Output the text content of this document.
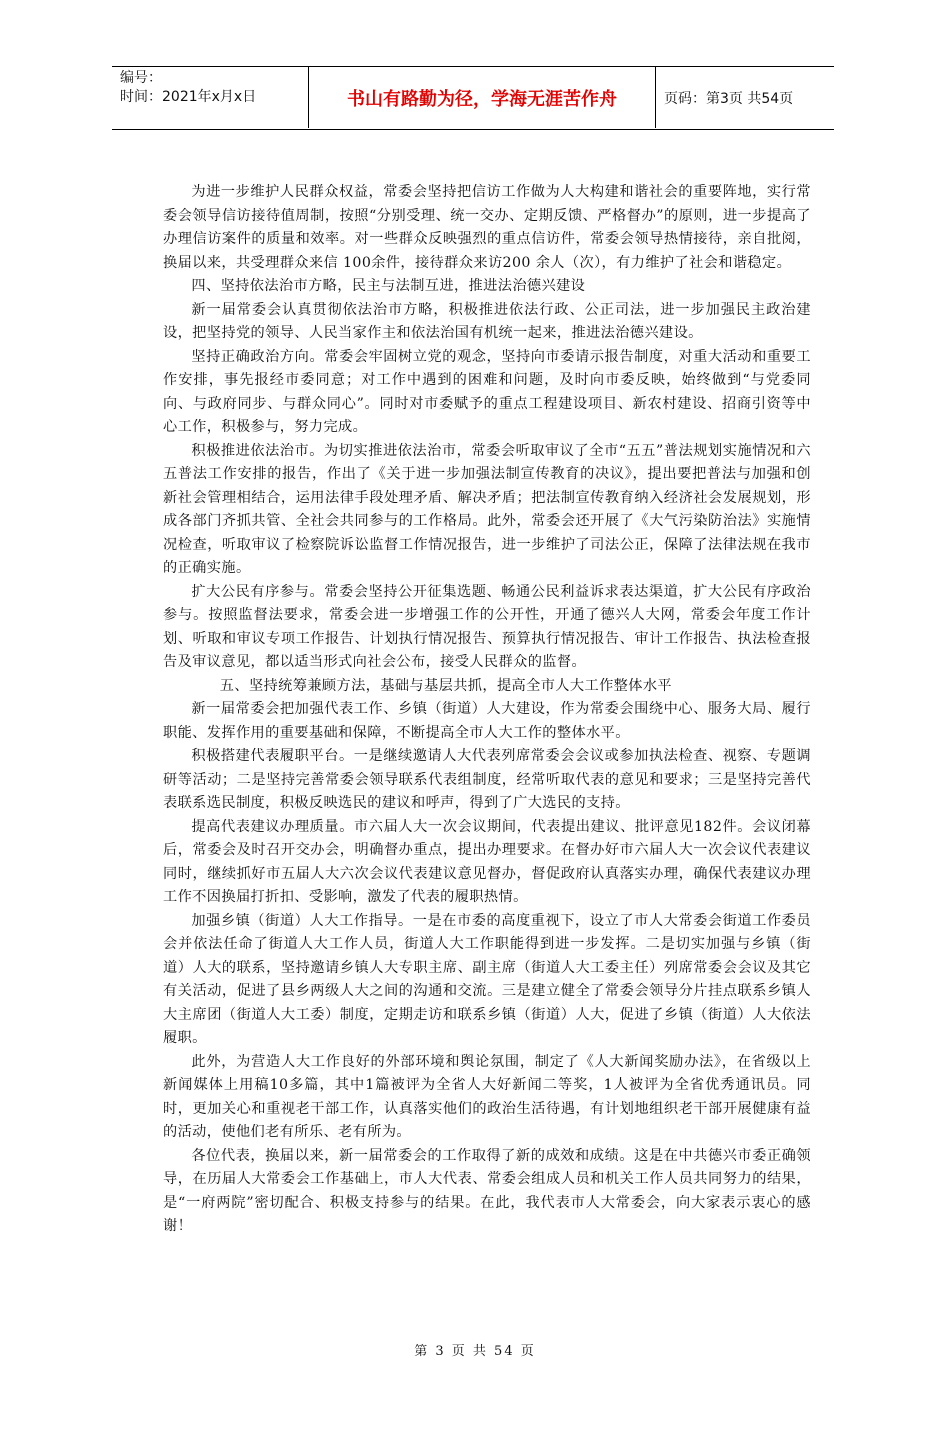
编号：
时间：2021年x月x日	书山有路勤为径，学海无涯苦作舟	页码：第3页 共54页

为进一步维护人民群众权益，常委会坚持把信访工作做为人大构建和谐社会的重要阵地，实行常委会领导信访接待值周制，按照“分别受理、统一交办、定期反馈、严格督办”的原则，进一步提高了办理信访案件的质量和效率。对一些群众反映强烈的重点信访件，常委会领导热情接待，亲自批阅，换届以来，共受理群众来信 100余件，接待群众来访200 余人（次），有力维护了社会和谐稳定。

四、坚持依法治市方略，民主与法制互进，推进法治德兴建设

新一届常委会认真贯彻依法治市方略，积极推进依法行政、公正司法，进一步加强民主政治建设，把坚持党的领导、人民当家作主和依法治国有机统一起来，推进法治德兴建设。

坚持正确政治方向。常委会牢固树立党的观念，坚持向市委请示报告制度，对重大活动和重要工作安排，事先报经市委同意；对工作中遇到的困难和问题，及时向市委反映，始终做到“与党委同向、与政府同步、与群众同心”。同时对市委赋予的重点工程建设项目、新农村建设、招商引资等中心工作，积极参与，努力完成。

积极推进依法治市。为切实推进依法治市，常委会听取审议了全市“五五”普法规划实施情况和六五普法工作安排的报告，作出了《关于进一步加强法制宣传教育的决议》，提出要把普法与加强和创新社会管理相结合，运用法律手段处理矛盾、解决矛盾；把法制宣传教育纳入经济社会发展规划，形成各部门齐抓共管、全社会共同参与的工作格局。此外，常委会还开展了《大气污染防治法》实施情况检查，听取审议了检察院诉讼监督工作情况报告，进一步维护了司法公正，保障了法律法规在我市的正确实施。

扩大公民有序参与。常委会坚持公开征集选题、畅通公民利益诉求表达渠道，扩大公民有序政治参与。按照监督法要求，常委会进一步增强工作的公开性，开通了德兴人大网，常委会年度工作计划、听取和审议专项工作报告、计划执行情况报告、预算执行情况报告、审计工作报告、执法检查报告及审议意见，都以适当形式向社会公布，接受人民群众的监督。

五、坚持统筹兼顾方法，基础与基层共抓，提高全市人大工作整体水平

新一届常委会把加强代表工作、乡镇（街道）人大建设，作为常委会围绕中心、服务大局、履行职能、发挥作用的重要基础和保障，不断提高全市人大工作的整体水平。

积极搭建代表履职平台。一是继续邀请人大代表列席常委会会议或参加执法检查、视察、专题调研等活动；二是坚持完善常委会领导联系代表组制度，经常听取代表的意见和要求；三是坚持完善代表联系选民制度，积极反映选民的建议和呼声，得到了广大选民的支持。

提高代表建议办理质量。市六届人大一次会议期间，代表提出建议、批评意见182件。会议闭幕后，常委会及时召开交办会，明确督办重点，提出办理要求。在督办好市六届人大一次会议代表建议同时，继续抓好市五届人大六次会议代表建议意见督办，督促政府认真落实办理，确保代表建议办理工作不因换届打折扣、受影响，激发了代表的履职热情。

加强乡镇（街道）人大工作指导。一是在市委的高度重视下，设立了市人大常委会街道工作委员会并依法任命了街道人大工作人员，街道人大工作职能得到进一步发挥。二是切实加强与乡镇（街道）人大的联系，坚持邀请乡镇人大专职主席、副主席（街道人大工委主任）列席常委会会议及其它有关活动，促进了县乡两级人大之间的沟通和交流。三是建立健全了常委会领导分片挂点联系乡镇人大主席团（街道人大工委）制度，定期走访和联系乡镇（街道）人大，促进了乡镇（街道）人大依法履职。

此外，为营造人大工作良好的外部环境和舆论氛围，制定了《人大新闻奖励办法》，在省级以上新闻媒体上用稿10多篇，其中1篇被评为全省人大好新闻二等奖，1人被评为全省优秀通讯员。同时，更加关心和重视老干部工作，认真落实他们的政治生活待遇，有计划地组织老干部开展健康有益的活动，使他们老有所乐、老有所为。

各位代表，换届以来，新一届常委会的工作取得了新的成效和成绩。这是在中共德兴市委正确领导，在历届人大常委会工作基础上，市人大代表、常委会组成人员和机关工作人员共同努力的结果，是“一府两院”密切配合、积极支持参与的结果。在此，我代表市人大常委会，向大家表示衷心的感谢！

第 3 页 共 54 页
